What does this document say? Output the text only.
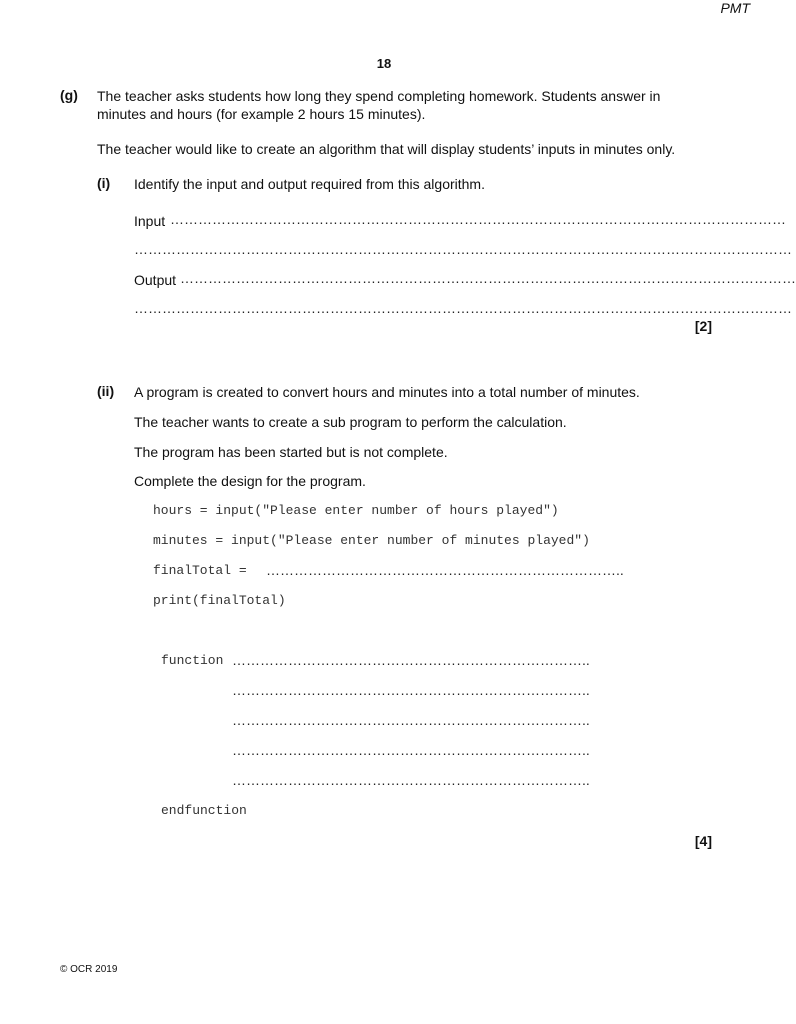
PMT
18
(g) The teacher asks students how long they spend completing homework. Students answer in
minutes and hours (for example 2 hours 15 minutes).
The teacher would like to create an algorithm that will display students’ inputs in minutes only.
(i) Identify the input and output required from this algorithm.
Input ……………………………………………………………………………………………………………………
……………………………………………………………………………………………………………………………
Output ……………………………………………………………………………………………………………………
……………………………………………………………………………………………………………………………
[2]
(ii) A program is created to convert hours and minutes into a total number of minutes.
The teacher wants to create a sub program to perform the calculation.
The program has been started but is not complete.
Complete the design for the program.
hours = input("Please enter number of hours played")
minutes = input("Please enter number of minutes played")
finalTotal = …………………………………………………………………..
print(finalTotal)
function …………………………………………………………………..
…………………………………………………………………..
…………………………………………………………………..
…………………………………………………………………..
…………………………………………………………………..
endfunction
[4]
© OCR 2019
